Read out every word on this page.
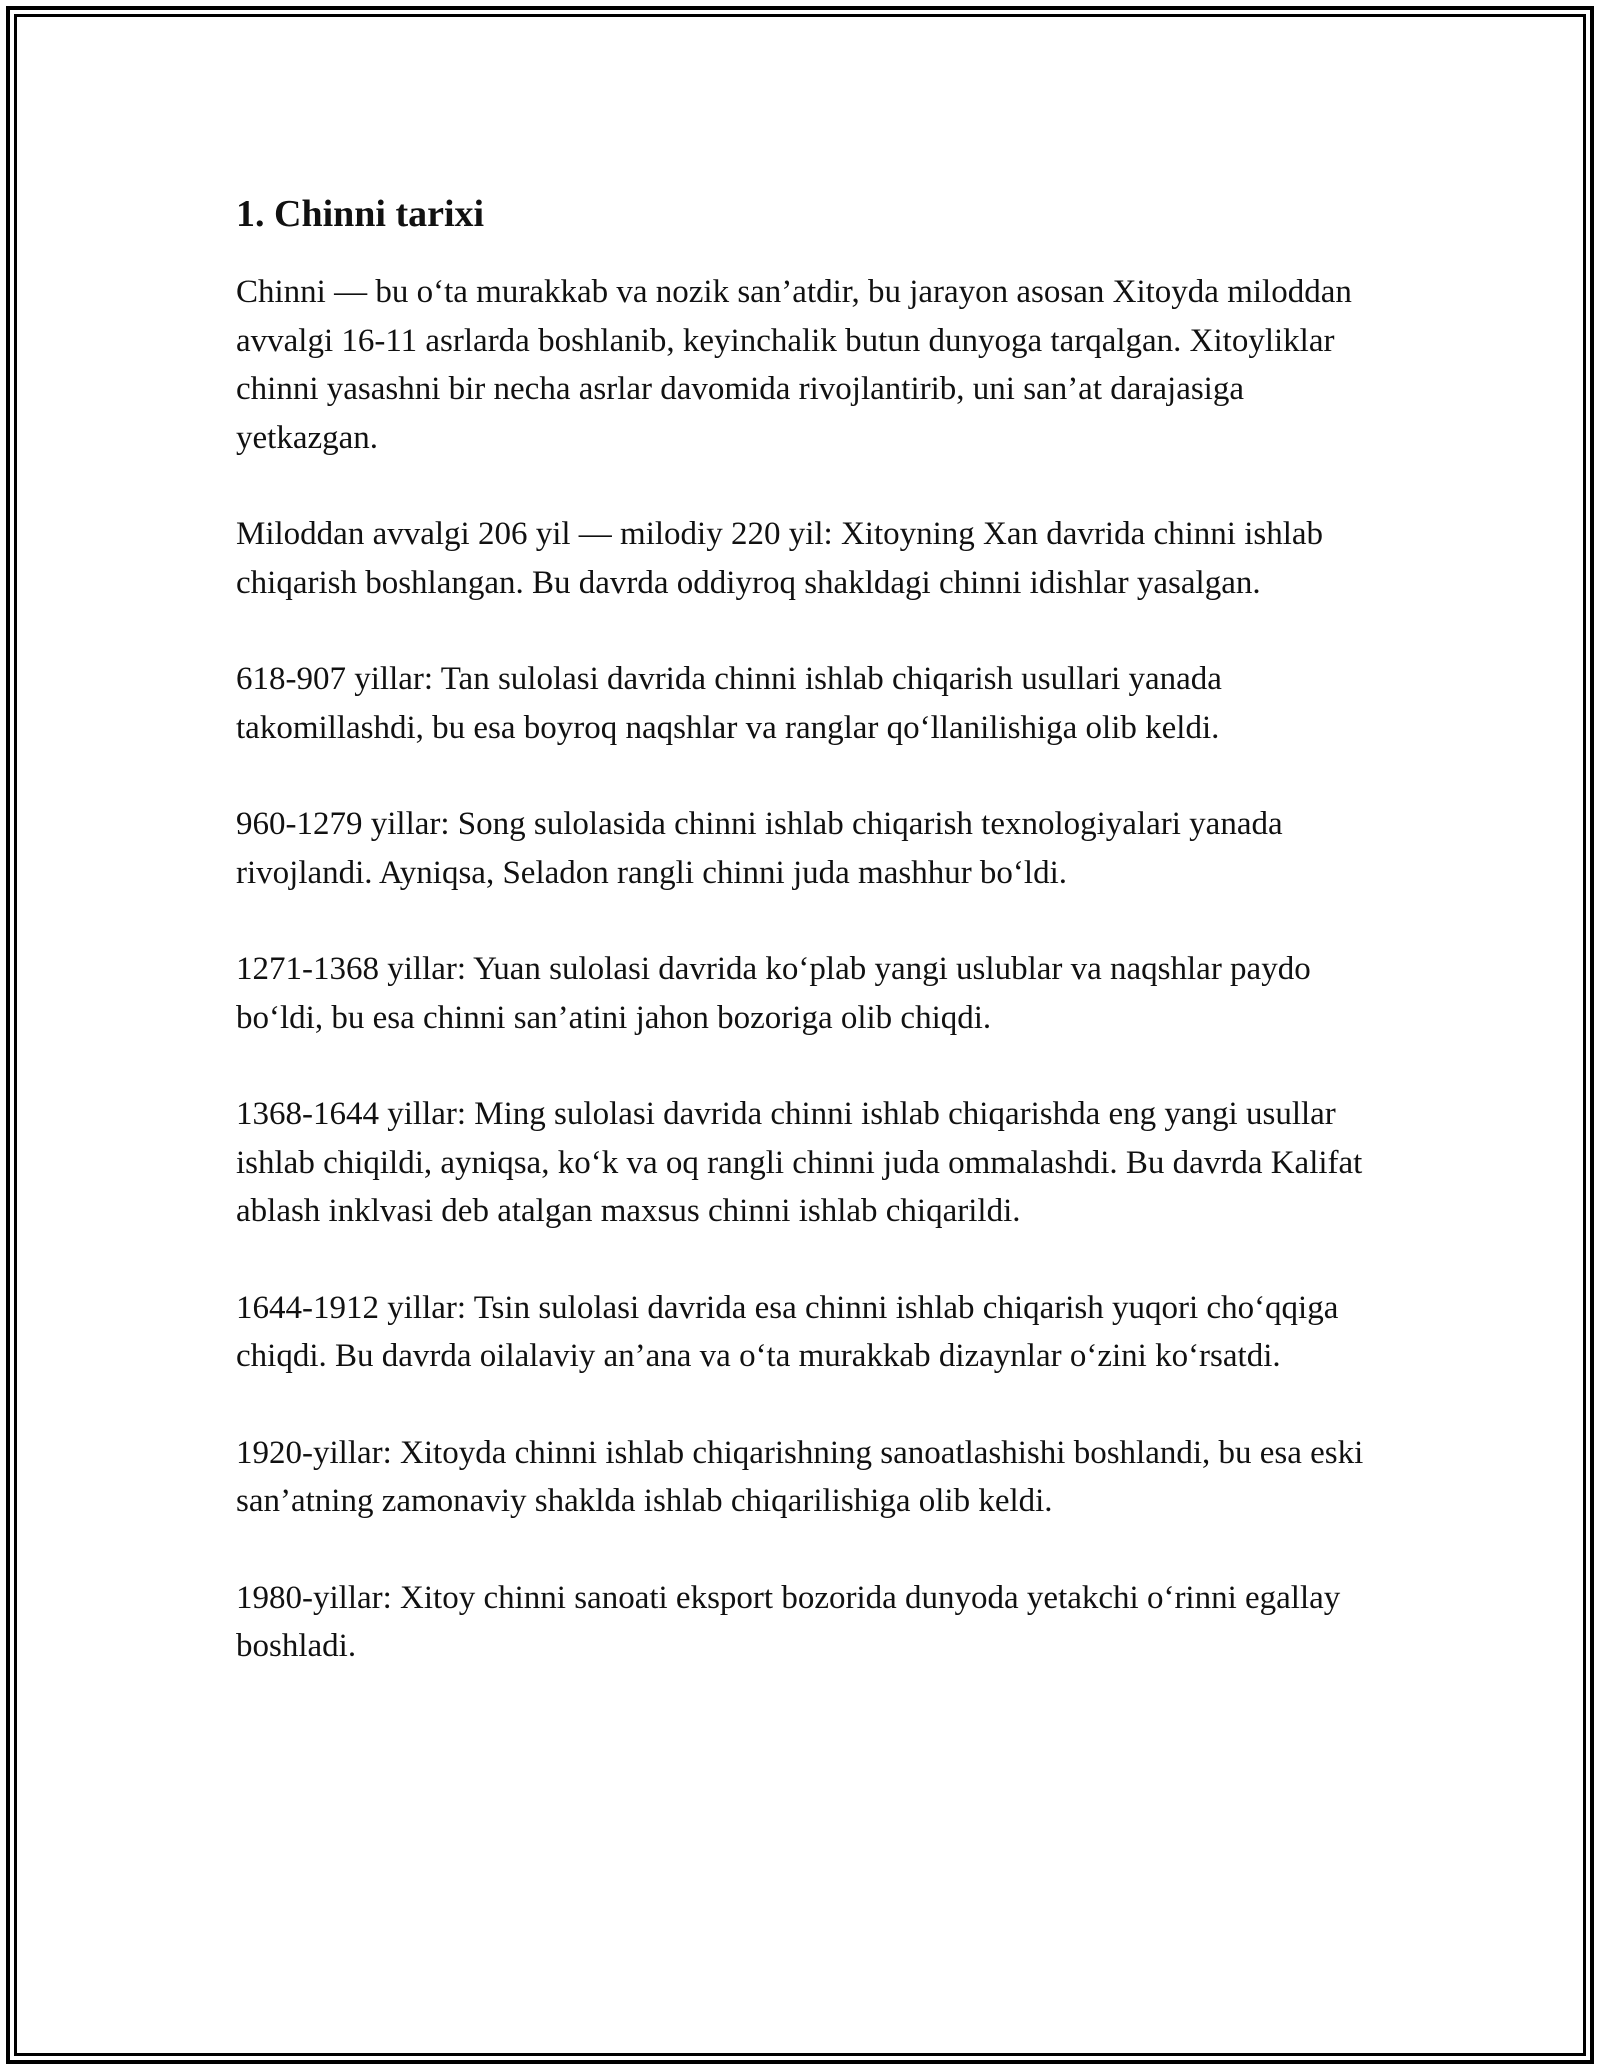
1. Chinni tarixi

Chinni — bu o‘ta murakkab va nozik san’atdir, bu jarayon asosan Xitoyda miloddan avvalgi 16-11 asrlarda boshlanib, keyinchalik butun dunyoga tarqalgan. Xitoyliklar chinni yasashni bir necha asrlar davomida rivojlantirib, uni san’at darajasiga yetkazgan.

Miloddan avvalgi 206 yil — milodiy 220 yil: Xitoyning Xan davrida chinni ishlab chiqarish boshlangan. Bu davrda oddiyroq shakldagi chinni idishlar yasalgan.

618-907 yillar: Tan sulolasi davrida chinni ishlab chiqarish usullari yanada takomillashdi, bu esa boyroq naqshlar va ranglar qo‘llanilishiga olib keldi.

960-1279 yillar: Song sulolasida chinni ishlab chiqarish texnologiyalari yanada rivojlandi. Ayniqsa, Seladon rangli chinni juda mashhur bo‘ldi.

1271-1368 yillar: Yuan sulolasi davrida ko‘plab yangi uslublar va naqshlar paydo bo‘ldi, bu esa chinni san’atini jahon bozoriga olib chiqdi.

1368-1644 yillar: Ming sulolasi davrida chinni ishlab chiqarishda eng yangi usullar ishlab chiqildi, ayniqsa, ko‘k va oq rangli chinni juda ommalashdi. Bu davrda Kalifat ablash inklvasi deb atalgan maxsus chinni ishlab chiqarildi.

1644-1912 yillar: Tsin sulolasi davrida esa chinni ishlab chiqarish yuqori cho‘qqiga chiqdi. Bu davrda oilalaviy an’ana va o‘ta murakkab dizaynlar o‘zini ko‘rsatdi.

1920-yillar: Xitoyda chinni ishlab chiqarishning sanoatlashishi boshlandi, bu esa eski san’atning zamonaviy shaklda ishlab chiqarilishiga olib keldi.

1980-yillar: Xitoy chinni sanoati eksport bozorida dunyoda yetakchi o‘rinni egallay boshladi.
